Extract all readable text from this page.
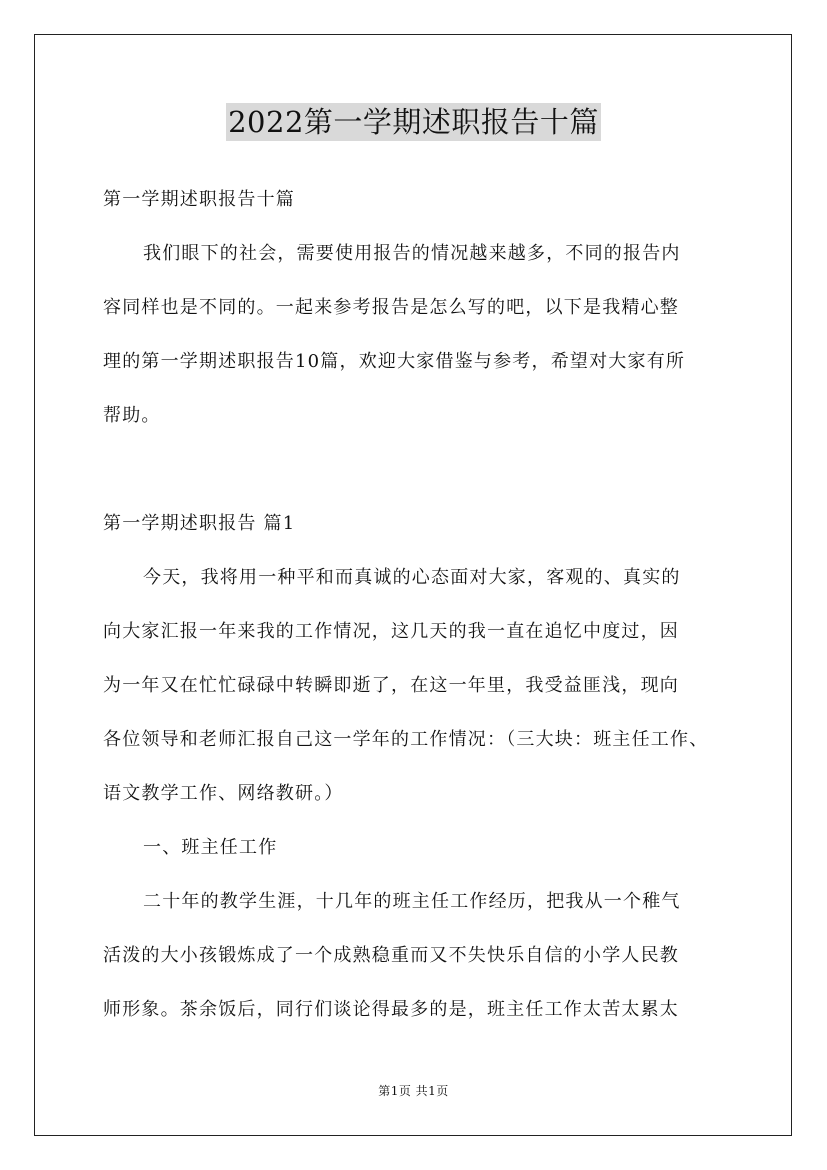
2022第一学期述职报告十篇
第一学期述职报告十篇
我们眼下的社会，需要使用报告的情况越来越多，不同的报告内
容同样也是不同的。一起来参考报告是怎么写的吧，以下是我精心整
理的第一学期述职报告10篇，欢迎大家借鉴与参考，希望对大家有所
帮助。
第一学期述职报告 篇1
今天，我将用一种平和而真诚的心态面对大家，客观的、真实的
向大家汇报一年来我的工作情况，这几天的我一直在追忆中度过，因
为一年又在忙忙碌碌中转瞬即逝了，在这一年里，我受益匪浅，现向
各位领导和老师汇报自己这一学年的工作情况：（三大块：班主任工作、
语文教学工作、网络教研。）
一、班主任工作
二十年的教学生涯，十几年的班主任工作经历，把我从一个稚气
活泼的大小孩锻炼成了一个成熟稳重而又不失快乐自信的小学人民教
师形象。茶余饭后，同行们谈论得最多的是，班主任工作太苦太累太
第1页 共1页
